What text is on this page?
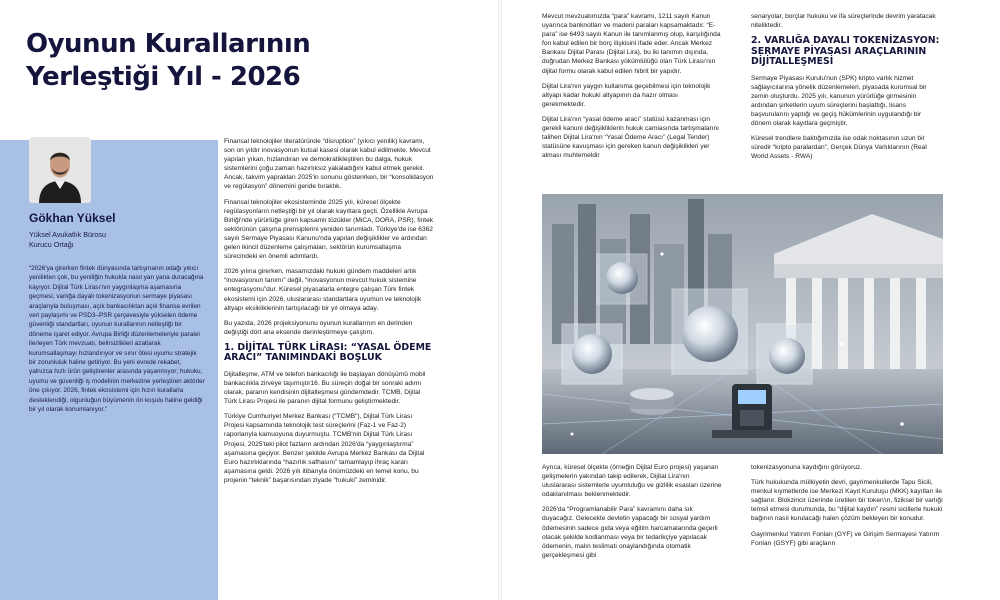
Oyunun Kurallarının Yerleştiği Yıl - 2026
Gökhan Yüksel
Yüksel Avukatlık Bürosu
Kurucu Ortağı
“2026'ya girerken fintek dünyasında tartışmanın odağı yıkıcı yenilikten çok, bu yeniliğin hukukla nasıl yan yana duracağına kayıyor. Dijital Türk Lirası'nın yaygınlaşma aşamasına geçmesi, varlığa dayalı tokenizasyonun sermaye piyasası araçlarıyla buluşması, açık bankacılıktan açık finansa evrilen veri paylaşımı ve PSD3–PSR çerçevesiyle yükselen ödeme güvenliği standartları, oyunun kurallarının netleştiği bir döneme işaret ediyor. Avrupa Birliği düzenlemeleriyle paralel ilerleyen Türk mevzuatı, belirsizlikleri azaltarak kurumsallaşmayı hızlandırıyor ve sınır ötesi uyumu stratejik bir zorunluluk haline getiriyor. Bu yeni evrede rekabet, yalnızca hızlı ürün geliştirenler arasında yaşanmıyor; hukuku, uyumu ve güvenliği iş modelinin merkezine yerleştiren aktörler öne çıkıyor. 2026, fintek ekosistemi için hızın kurallarla desteklendiği, olgunluğun büyümenin ön koşulu haline geldiği bir yıl olarak konumlanıyor.”

Finansal teknolojiler literatüründe “disruption” (yıkıcı yenilik) kavramı, son on yıldır inovasyonun kutsal kasesi olarak kabul edilmekte. Mevcut yapıları yıkan, hızlandıran ve demokratikleştiren bu dalga, hukuk sistemlerini çoğu zaman hazırlıksız yakaladığını kabul etmek gerekir. Ancak, takvim yaprakları 2025'in sonunu gösterirken, bir “konsolidasyon ve regülasyon” dönemini geride bıraktık.

Finansal teknolojiler ekosisteminde 2025 yılı, küresel ölçekte regülasyonların netleştiği bir yıl olarak kayıtlara geçti. Özellikle Avrupa Birliği'nde yürürlüğe giren kapsamlı tüzükler (MiCA, DORA, PSR), fintek sektörünün çalışma prensiplerini yeniden tanımladı. Türkiye'de ise 6362 sayılı Sermaye Piyasası Kanunu'nda yapılan değişiklikler ve ardından gelen ikincil düzenleme çalışmaları, sektörün kurumsallaşma sürecindeki en önemli adımlardı.

2026 yılına girerken, masamızdaki hukuki gündem maddeleri artık “inovasyonun tanımı” değil, “inovasyonun mevcut hukuk sistemine entegrasyonu”dur. Küresel piyasalarla entegre çalışan Türk fintek ekosistemi için 2026, uluslararası standartlara uyumun ve teknolojik altyapı eksikliklerinin tartışılacağı bir yıl olmaya aday.

Bu yazıda, 2026 projeksiyonunu oyunun kurallarının en derinden değiştiği dört ana eksende derinleştirmeye çalıştım.

1. DİJİTAL TÜRK LİRASI: “YASAL ÖDEME ARACI” TANIMINDAKİ BOŞLUK

Dijitalleşme, ATM ve telefon bankacılığı ile başlayan dönüşümü mobil bankacılıkla zirveye taşımıştır16. Bu süreçin doğal bir sonraki adımı olarak, paranın kendisinin dijitalleşmesi gündemdedir. TCMB, Dijital Türk Lirası Projesi ile paranın dijital formunu geliştirmektedir.

Türkiye Cumhuriyet Merkez Bankası (“TCMB”), Dijital Türk Lirası Projesi kapsamında teknolojik test süreçlerini (Faz-1 ve Faz-2) raporlarıyla kamuoyuna duyurmuştu. TCMB'nin Dijital Türk Lirası Projesi, 2025'teki pilot fazların ardından 2026'da “yaygınlaştırma” aşamasına geçiyor. Benzer şekilde Avrupa Merkez Bankası da Dijital Euro hazırlıklarında “hazırlık safhasını” tamamlayıp ihraç kararı aşamasına geldi. 2026 yılı itibarıyla önümüzdeki en temel konu, bu projenin “teknik” başarısından ziyade “hukuki” zeminidir.

Mevcut mevzuatımızda “para” kavramı, 1211 sayılı Kanun uyarınca banknotları ve madeni paraları kapsamaktadır. “E-para” ise 6493 sayılı Kanun ile tanımlanmış olup, karşılığında fon kabul edilen bir borç ilişkisini ifade eder. Ancak Merkez Bankası Dijital Parası (Dijital Lira), bu iki tanımın dışında, doğrudan Merkez Bankası yükümlülüğü olan Türk Lirası'nın dijital formu olarak kabul edilen hibrit bir yapıdır.

Dijital Lira'nın yaygın kullanıma geçebilmesi için teknolojik altyapı kadar hukuki altyapının da hazır olması gerekmektedir.

Dijital Lira'nın “yasal ödeme aracı” statüsü kazanması için gerekli kanuni değişikliklerin hukuk camiasında tartışmalarını talihen Dijital Lira'nın “Yasal Ödeme Aracı” (Legal Tender) statüsüne kavuşması için gereken kanun değişiklikleri yer alması muhtemeldir

senaryolar, borçlar hukuku ve ifa süreçlerinde devrim yaratacak niteliktedir.

2. VARLIĞA DAYALI TOKENİZASYON: SERMAYE PİYASASI ARAÇLARININ DİJİTALLEŞMESİ

Sermaye Piyasası Kurulu'nun (SPK) kripto varlık hizmet sağlayıcılarına yönelik düzenlemeleri, piyasada kurumsal bir zemin oluşturdu. 2025 yılı, kanunun yürürlüğe girmesinin ardından şirketlerin uyum süreçlerini başlattığı, lisans başvurularını yaptığı ve geçiş hükümlerinin uygulandığı bir dönem olarak kayıtlara geçmiştir.

Küresel trendlere baktığımızda ise odak noktasının uzun bir süredir “kripto paralardan”, Gerçek Dünya Varlıklarının (Real World Assets - RWA)

Ayrıca, küresel ölçekte (örneğin Dijital Euro projesi) yaşanan gelişmelerin yakından takip edilerek, Dijital Lira'nın uluslararası sistemlerle uyumluluğu ve gizlilik esasları üzerine odaklanılması beklenmektedir.

2026'da “Programlanabilir Para” kavramını daha sık duyacağız. Gelecekte devletin yapacağı bir sosyal yardım ödemesinin sadece gıda veya eğitim harcamalarında geçerli olacak şekilde kodlanması veya bir tedarikçiye yapılacak ödemenin, malın teslimatı onaylandığında otomatik gerçekleşmesi gibi

tokenizasyonuna kaydığını görüyoruz.

Türk hukukunda mülkiyetin devri, gayrimenkullerde Tapu Sicili, menkul kıymetlerde ise Merkezi Kayıt Kuruluşu (MKK) kayıtları ile sağlanır. Blokzincir üzerinde üretilen bir token'ın, fiziksel bir varlığı temsil etmesi durumunda, bu “dijital kaydın” resmi sicillerle hukuki bağının nasıl kurulacağı halen çözüm bekleyen bir konudur.

Gayrimenkul Yatırım Fonları (GYF) ve Girişim Sermayesi Yatırım Fonları (GSYF) gibi araçların
